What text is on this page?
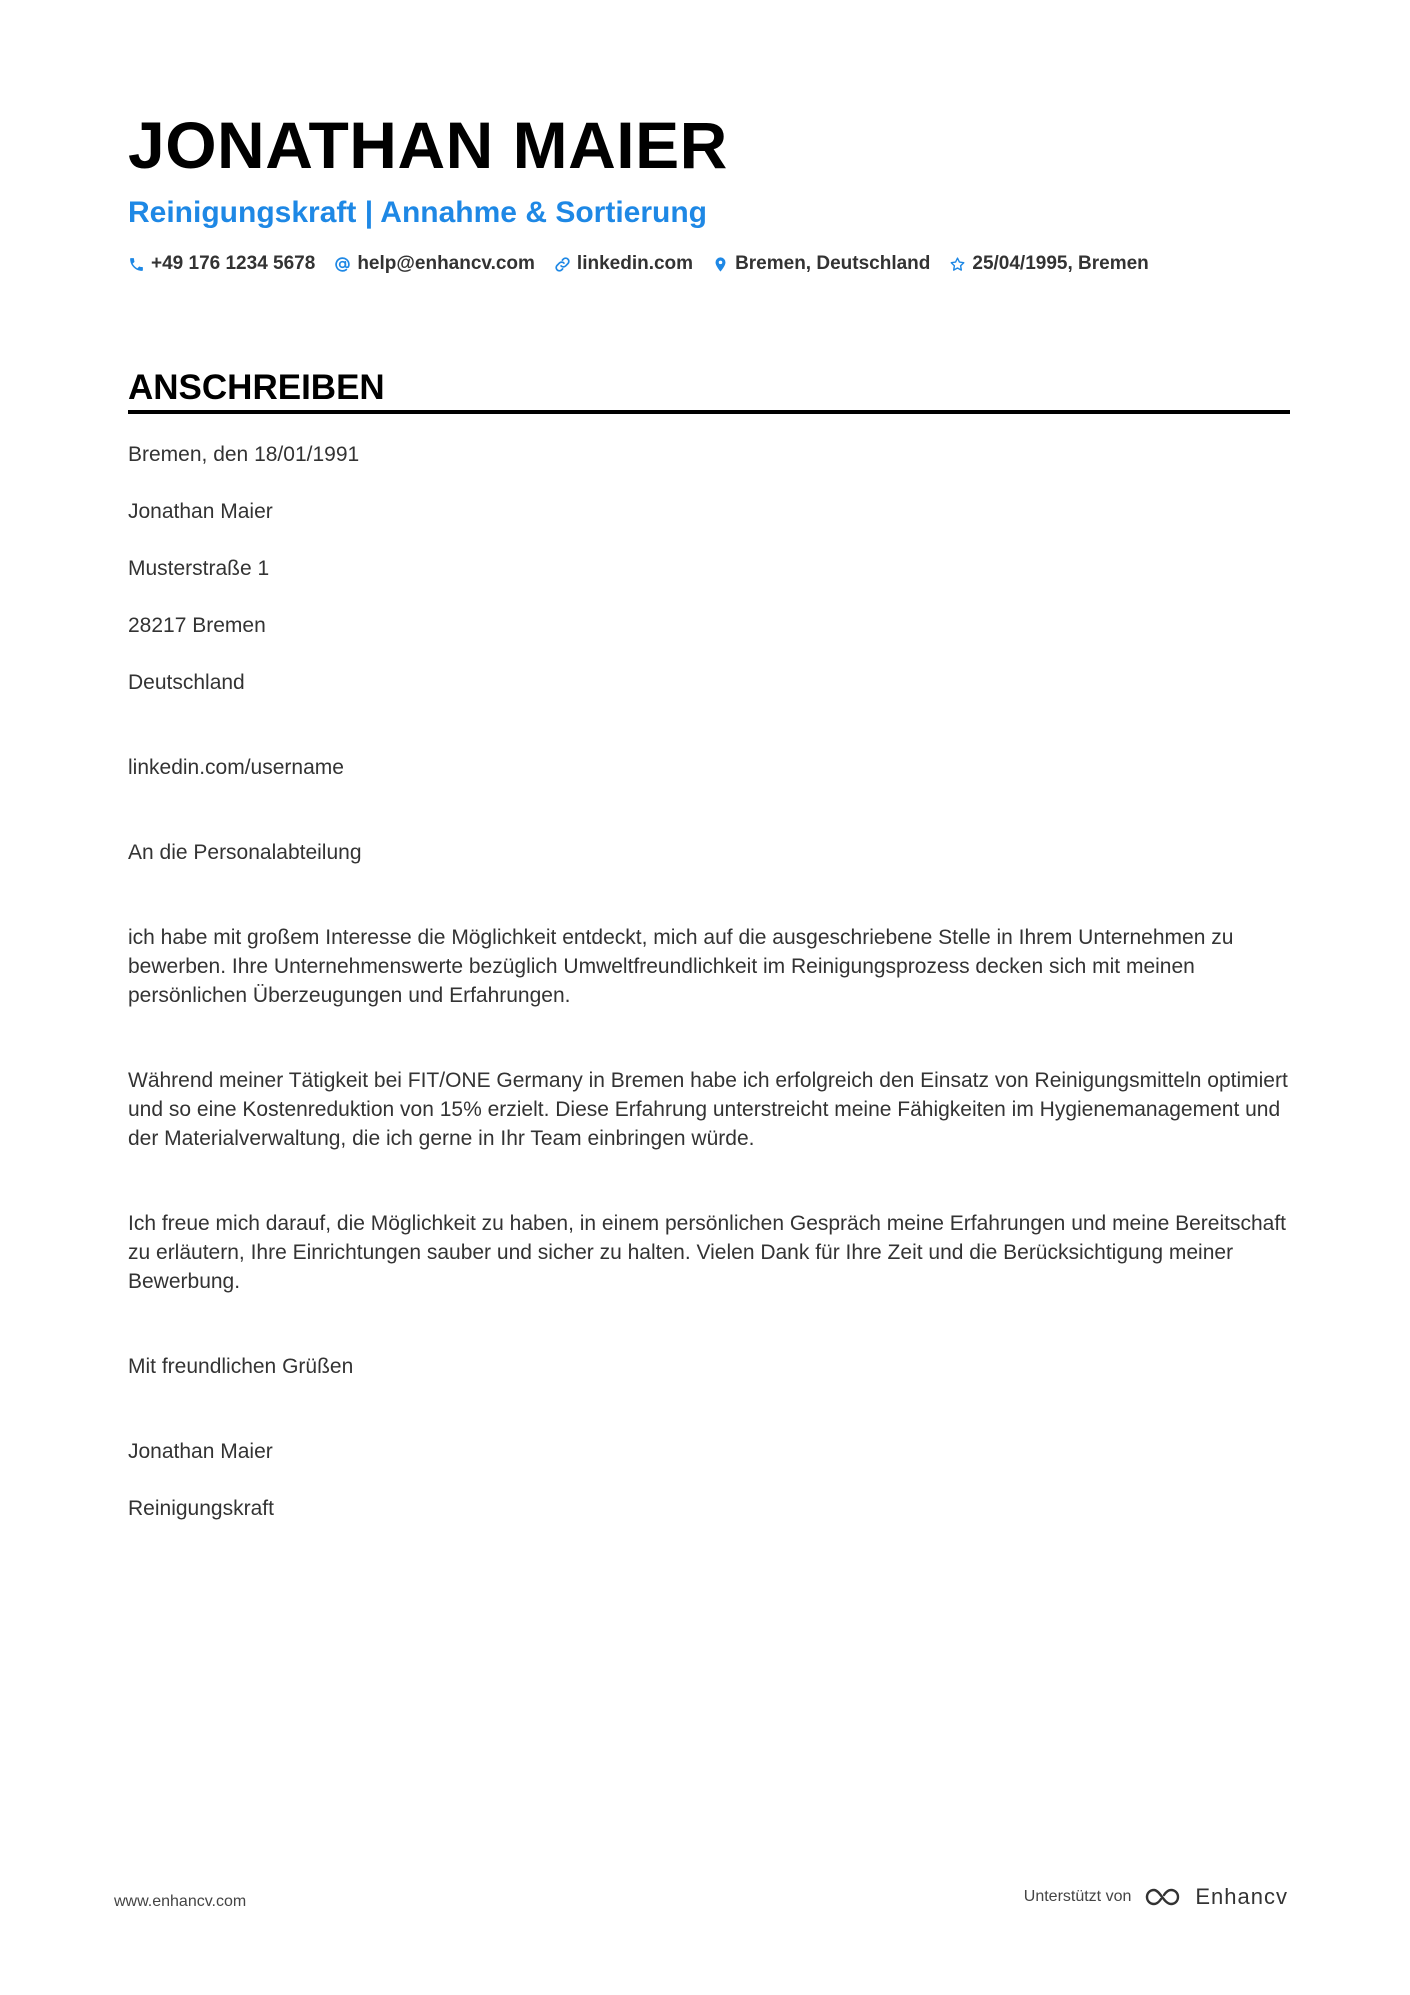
JONATHAN MAIER
Reinigungskraft | Annahme & Sortierung
+49 176 1234 5678 help@enhancv.com linkedin.com Bremen, Deutschland 25/04/1995, Bremen
ANSCHREIBEN

Bremen, den 18/01/1991

Jonathan Maier

Musterstraße 1

28217 Bremen

Deutschland

linkedin.com/username

An die Personalabteilung

ich habe mit großem Interesse die Möglichkeit entdeckt, mich auf die ausgeschriebene Stelle in Ihrem Unternehmen zu bewerben. Ihre Unternehmenswerte bezüglich Umweltfreundlichkeit im Reinigungsprozess decken sich mit meinen persönlichen Überzeugungen und Erfahrungen.

Während meiner Tätigkeit bei FIT/ONE Germany in Bremen habe ich erfolgreich den Einsatz von Reinigungsmitteln optimiert und so eine Kostenreduktion von 15% erzielt. Diese Erfahrung unterstreicht meine Fähigkeiten im Hygienemanagement und der Materialverwaltung, die ich gerne in Ihr Team einbringen würde.

Ich freue mich darauf, die Möglichkeit zu haben, in einem persönlichen Gespräch meine Erfahrungen und meine Bereitschaft zu erläutern, Ihre Einrichtungen sauber und sicher zu halten. Vielen Dank für Ihre Zeit und die Berücksichtigung meiner Bewerbung.

Mit freundlichen Grüßen

Jonathan Maier

Reinigungskraft

www.enhancv.com	Unterstützt von	Enhancv
